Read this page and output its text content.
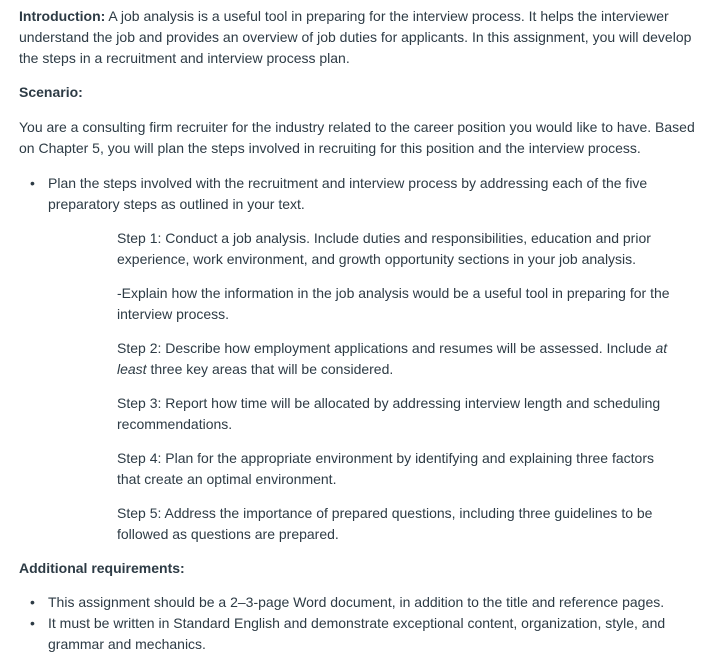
Introduction: A job analysis is a useful tool in preparing for the interview process. It helps the interviewer understand the job and provides an overview of job duties for applicants. In this assignment, you will develop the steps in a recruitment and interview process plan.

Scenario:

You are a consulting firm recruiter for the industry related to the career position you would like to have. Based on Chapter 5, you will plan the steps involved in recruiting for this position and the interview process.

• Plan the steps involved with the recruitment and interview process by addressing each of the five preparatory steps as outlined in your text.

Step 1: Conduct a job analysis. Include duties and responsibilities, education and prior experience, work environment, and growth opportunity sections in your job analysis.

-Explain how the information in the job analysis would be a useful tool in preparing for the interview process.

Step 2: Describe how employment applications and resumes will be assessed. Include at least three key areas that will be considered.

Step 3: Report how time will be allocated by addressing interview length and scheduling recommendations.

Step 4: Plan for the appropriate environment by identifying and explaining three factors that create an optimal environment.

Step 5: Address the importance of prepared questions, including three guidelines to be followed as questions are prepared.

Additional requirements:

• This assignment should be a 2–3-page Word document, in addition to the title and reference pages.
• It must be written in Standard English and demonstrate exceptional content, organization, style, and grammar and mechanics.
